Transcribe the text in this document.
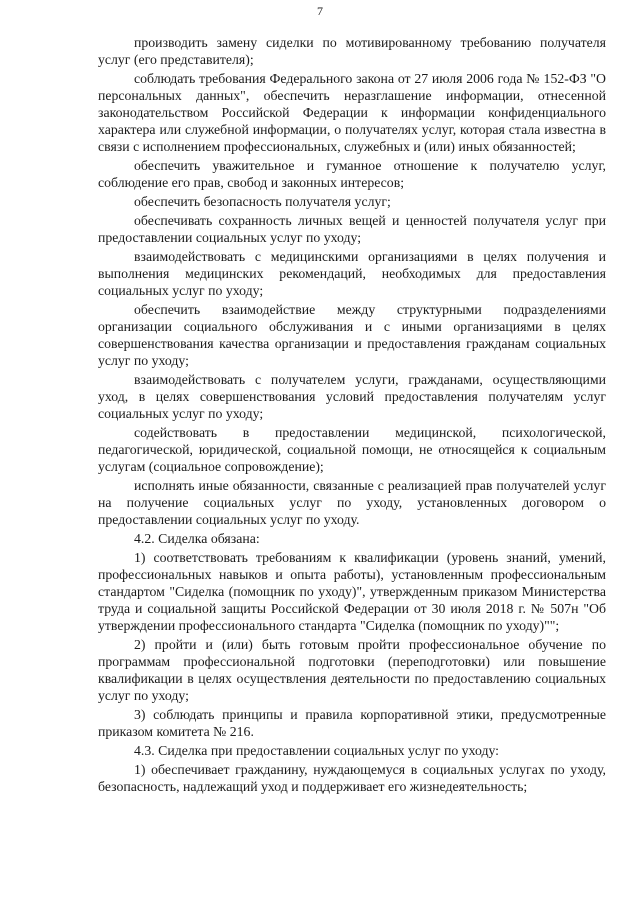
7

производить замену сиделки по мотивированному требованию получателя услуг (его представителя);

соблюдать требования Федерального закона от 27 июля 2006 года № 152-ФЗ "О персональных данных", обеспечить неразглашение информации, отнесенной законодательством Российской Федерации к информации конфиденциального характера или служебной информации, о получателях услуг, которая стала известна в связи с исполнением профессиональных, служебных и (или) иных обязанностей;

обеспечить уважительное и гуманное отношение к получателю услуг, соблюдение его прав, свобод и законных интересов;

обеспечить безопасность получателя услуг;

обеспечивать сохранность личных вещей и ценностей получателя услуг при предоставлении социальных услуг по уходу;

взаимодействовать с медицинскими организациями в целях получения и выполнения медицинских рекомендаций, необходимых для предоставления социальных услуг по уходу;

обеспечить взаимодействие между структурными подразделениями организации социального обслуживания и с иными организациями в целях совершенствования качества организации и предоставления гражданам социальных услуг по уходу;

взаимодействовать с получателем услуги, гражданами, осуществляющими уход, в целях совершенствования условий предоставления получателям услуг социальных услуг по уходу;

содействовать в предоставлении медицинской, психологической, педагогической, юридической, социальной помощи, не относящейся к социальным услугам (социальное сопровождение);

исполнять иные обязанности, связанные с реализацией прав получателей услуг на получение социальных услуг по уходу, установленных договором о предоставлении социальных услуг по уходу.

4.2. Сиделка обязана:

1) соответствовать требованиям к квалификации (уровень знаний, умений, профессиональных навыков и опыта работы), установленным профессиональным стандартом "Сиделка (помощник по уходу)", утвержденным приказом Министерства труда и социальной защиты Российской Федерации от 30 июля 2018 г. № 507н "Об утверждении профессионального стандарта "Сиделка (помощник по уходу)"";

2) пройти и (или) быть готовым пройти профессиональное обучение по программам профессиональной подготовки (переподготовки) или повышение квалификации в целях осуществления деятельности по предоставлению социальных услуг по уходу;

3) соблюдать принципы и правила корпоративной этики, предусмотренные приказом комитета № 216.

4.3. Сиделка при предоставлении социальных услуг по уходу:

1) обеспечивает гражданину, нуждающемуся в социальных услугах по уходу, безопасность, надлежащий уход и поддерживает его жизнедеятельность;
